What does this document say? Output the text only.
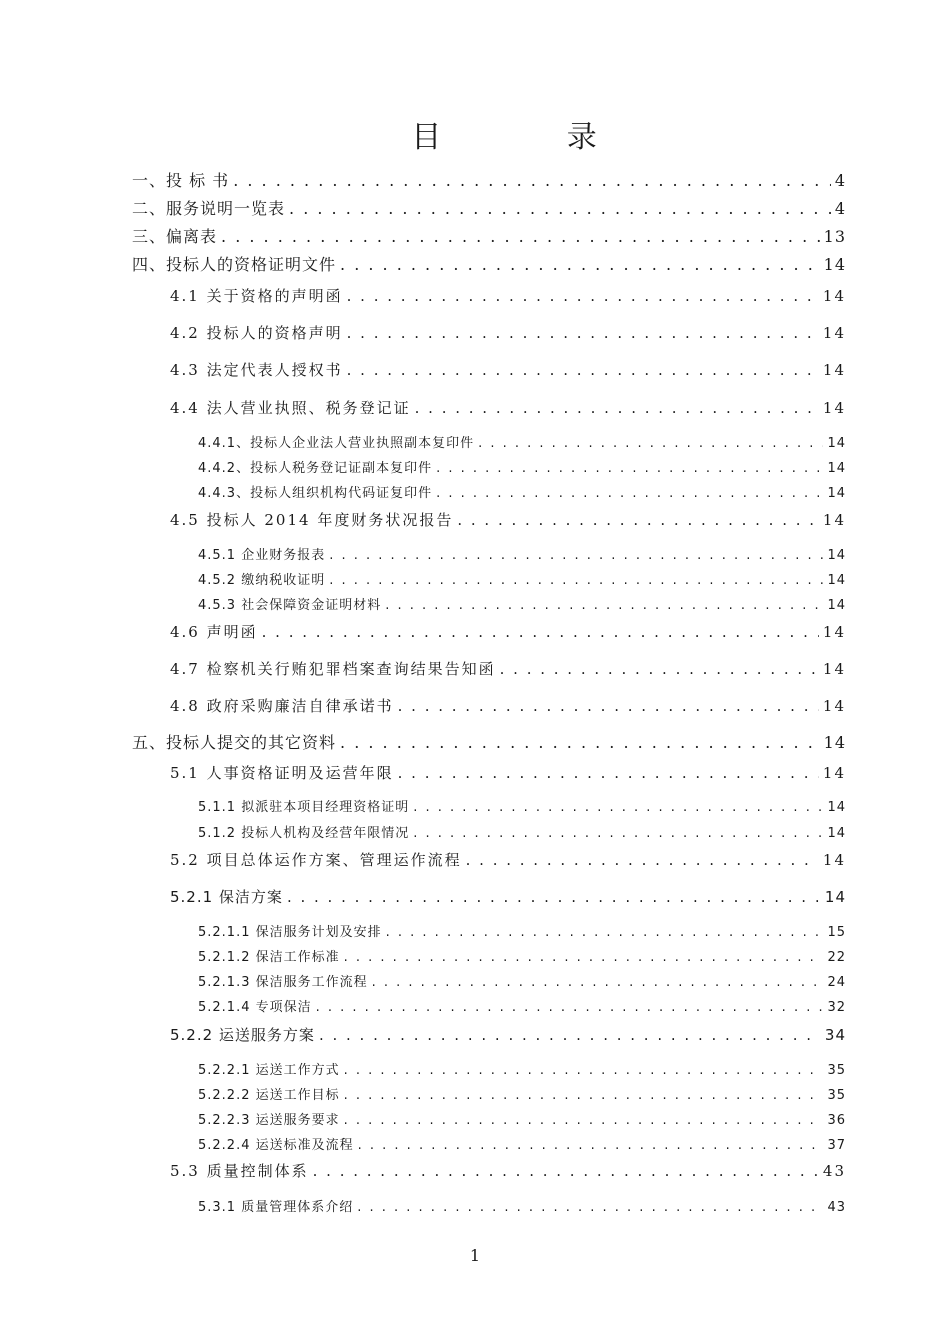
目 录
一、投 标 书 . . .	4
二、服务说明一览表 . . .	4
三、偏离表 . . .	13
四、投标人的资格证明文件 . . .	14
4.1 关于资格的声明函 . . .	14
4.2 投标人的资格声明 . . .	14
4.3 法定代表人授权书 . . .	14
4.4 法人营业执照、税务登记证 . . .	14
4.4.1、投标人企业法人营业执照副本复印件 . . .	14
4.4.2、投标人税务登记证副本复印件 . . .	14
4.4.3、投标人组织机构代码证复印件 . . .	14
4.5 投标人 2014 年度财务状况报告 . . .	14
4.5.1 企业财务报表 . . .	14
4.5.2 缴纳税收证明 . . .	14
4.5.3 社会保障资金证明材料 . . .	14
4.6 声明函 . . .	14
4.7 检察机关行贿犯罪档案查询结果告知函 . . .	14
4.8 政府采购廉洁自律承诺书 . . .	14
五、投标人提交的其它资料 . . .	14
5.1 人事资格证明及运营年限 . . .	14
5.1.1 拟派驻本项目经理资格证明 . . .	14
5.1.2 投标人机构及经营年限情况 . . .	14
5.2 项目总体运作方案、管理运作流程 . . .	14
5.2.1 保洁方案 . . .	14
5.2.1.1 保洁服务计划及安排 . . .	15
5.2.1.2 保洁工作标准 . . .	22
5.2.1.3 保洁服务工作流程 . . .	24
5.2.1.4 专项保洁 . . .	32
5.2.2 运送服务方案 . . .	34
5.2.2.1 运送工作方式 . . .	35
5.2.2.2 运送工作目标 . . .	35
5.2.2.3 运送服务要求 . . .	36
5.2.2.4 运送标准及流程 . . .	37
5.3 质量控制体系 . . .	43
5.3.1 质量管理体系介绍 . . .	43
1
